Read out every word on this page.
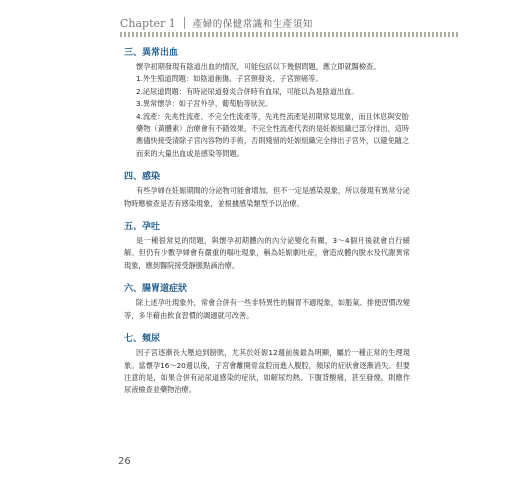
Chapter 1 產婦的保健常識和生產須知
三、異常出血

懷孕初期發現有陰道出血的情況，可能包括以下幾個問題，應立即就醫檢查。

1.外生殖道問題：如陰道創傷、子宮頸發炎、子宮頸癌等。

2.泌尿道問題：有時泌尿道發炎合併時有血尿，可能以為是陰道出血。

3.異常懷孕：如子宮外孕、葡萄胎等狀況。

4.流產：先兆性流產、不完全性流產等，先兆性流產是初期常見現象，而且休息與安胎藥物（黃體素）治療會有不錯效果，不完全性流產代表的是妊娠組織已部分排出，這時應儘快接受清除子宮內容物的手術，否則殘留的妊娠組織完全排出子宮外，以避免隨之而來的大量出血或是感染等問題。

四、感染

有些孕婦在妊娠期間的分泌物可能會增加，但不一定是感染現象，所以發現有異常分泌物時應檢查是否有感染現象，並根據感染類型予以治療。

五、孕吐

是一種很常見的問題，與懷孕初期體內的內分泌變化有關，3～4個月後就會自行緩解。但仍有少數孕婦會有嚴重的嘔吐現象，稱為妊娠劇吐症，會造成體內脫水及代謝異常現象，應到醫院接受靜脈點滴治療。

六、腸胃道症狀

除上述孕吐現象外，常會合併有一些非特異性的腸胃不適現象，如脹氣、排便習慣改變等，多半藉由飲食習慣的調適就可改善。

七、頻尿

因子宮逐漸長大壓迫到膀胱，尤其於妊娠12週前後最為明顯，屬於一種正常的生理現象。當懷孕16～20週以後，子宮會離開骨盆腔而進入腹腔，頻尿的症狀會逐漸消失。但要注意的是，如果合併有泌尿道感染的症狀，如解尿灼熱、下腹背酸痛，甚至發燒，則應作尿液檢查並藥物治療。

26
